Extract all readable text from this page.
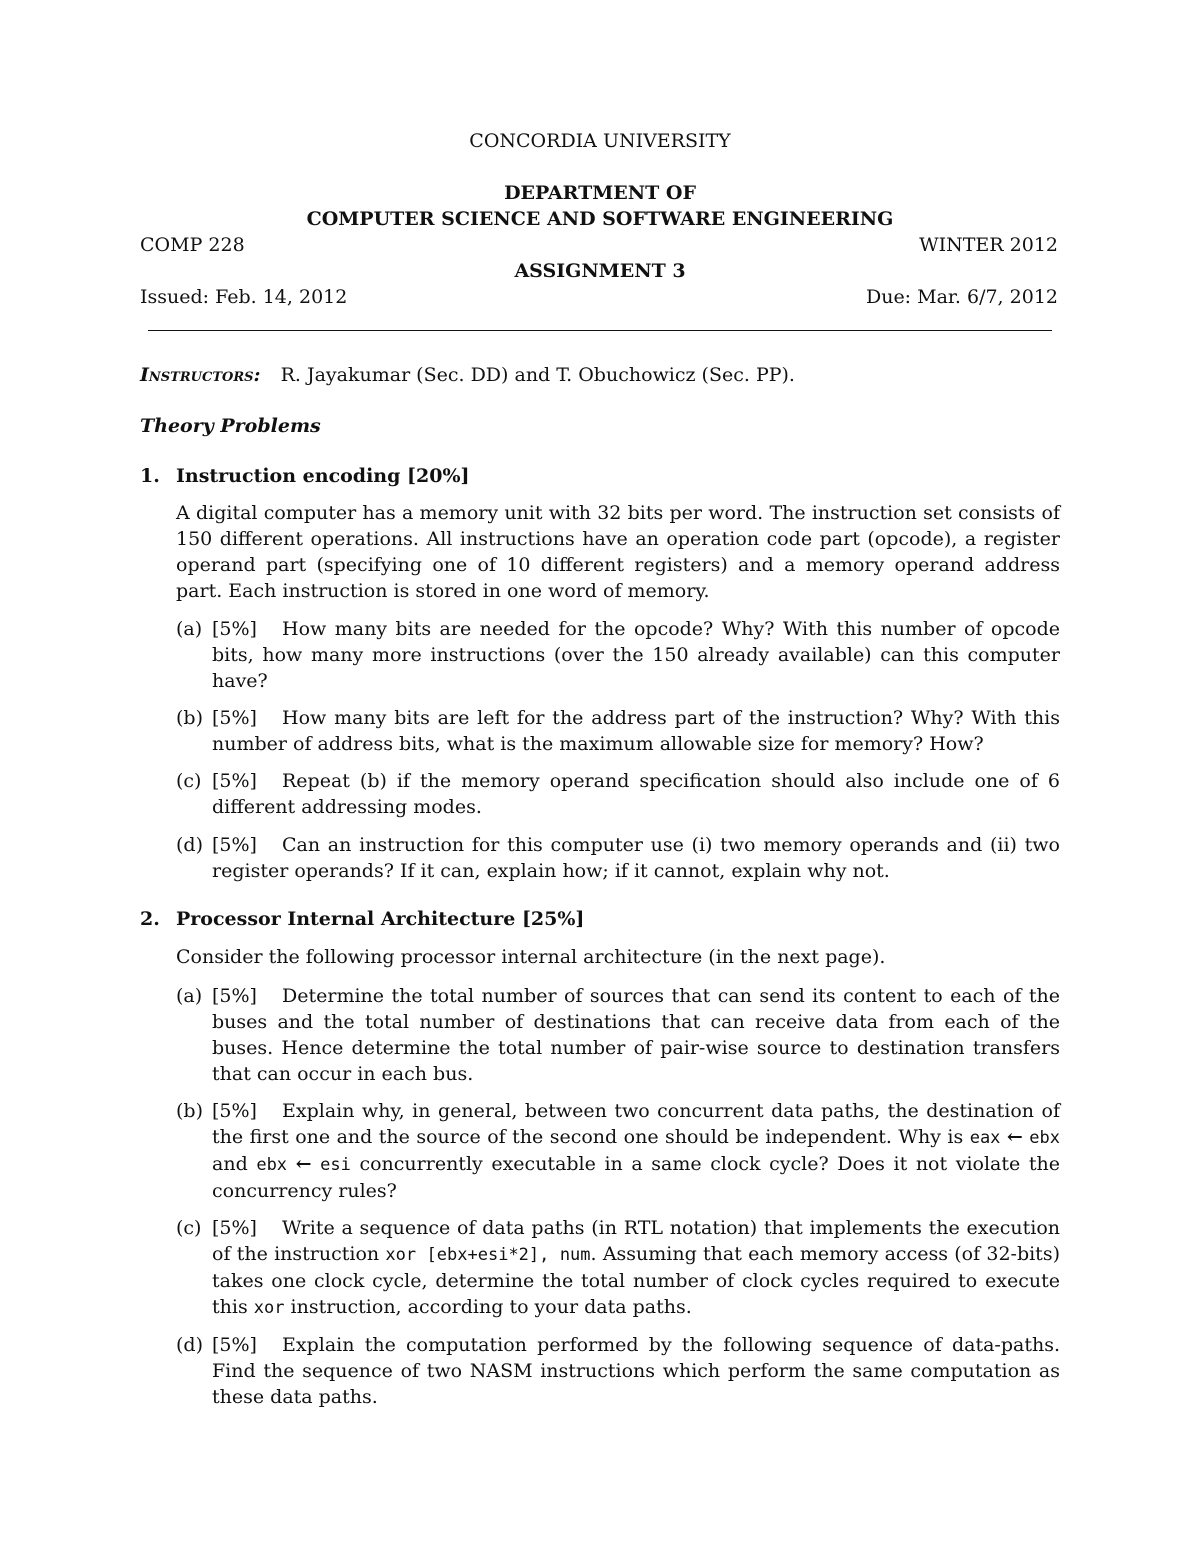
CONCORDIA UNIVERSITY
DEPARTMENT OF
COMPUTER SCIENCE AND SOFTWARE ENGINEERING
COMP 228	WINTER 2012
ASSIGNMENT 3
Issued: Feb. 14, 2012	Due: Mar. 6/7, 2012
Instructors: R. Jayakumar (Sec. DD) and T. Obuchowicz (Sec. PP).
Theory Problems
1. Instruction encoding [20%]
A digital computer has a memory unit with 32 bits per word. The instruction set consists of 150 different operations. All instructions have an operation code part (opcode), a register operand part (specifying one of 10 different registers) and a memory operand address part. Each instruction is stored in one word of memory.
(a) [5%]	How many bits are needed for the opcode? Why? With this number of opcode bits, how many more instructions (over the 150 already available) can this computer have?
(b) [5%]	How many bits are left for the address part of the instruction? Why? With this number of address bits, what is the maximum allowable size for memory? How?
(c) [5%]	Repeat (b) if the memory operand specification should also include one of 6 different addressing modes.
(d) [5%]	Can an instruction for this computer use (i) two memory operands and (ii) two register operands? If it can, explain how; if it cannot, explain why not.
2. Processor Internal Architecture [25%]
Consider the following processor internal architecture (in the next page).
(a) [5%]	Determine the total number of sources that can send its content to each of the buses and the total number of destinations that can receive data from each of the buses. Hence determine the total number of pair-wise source to destination transfers that can occur in each bus.
(b) [5%]	Explain why, in general, between two concurrent data paths, the destination of the first one and the source of the second one should be independent. Why is eax ← ebx and ebx ← esi concurrently executable in a same clock cycle? Does it not violate the concurrency rules?
(c) [5%]	Write a sequence of data paths (in RTL notation) that implements the execution of the instruction xor [ebx+esi*2], num. Assuming that each memory access (of 32-bits) takes one clock cycle, determine the total number of clock cycles required to execute this xor instruction, according to your data paths.
(d) [5%]	Explain the computation performed by the following sequence of data-paths. Find the sequence of two NASM instructions which perform the same computation as these data paths.
